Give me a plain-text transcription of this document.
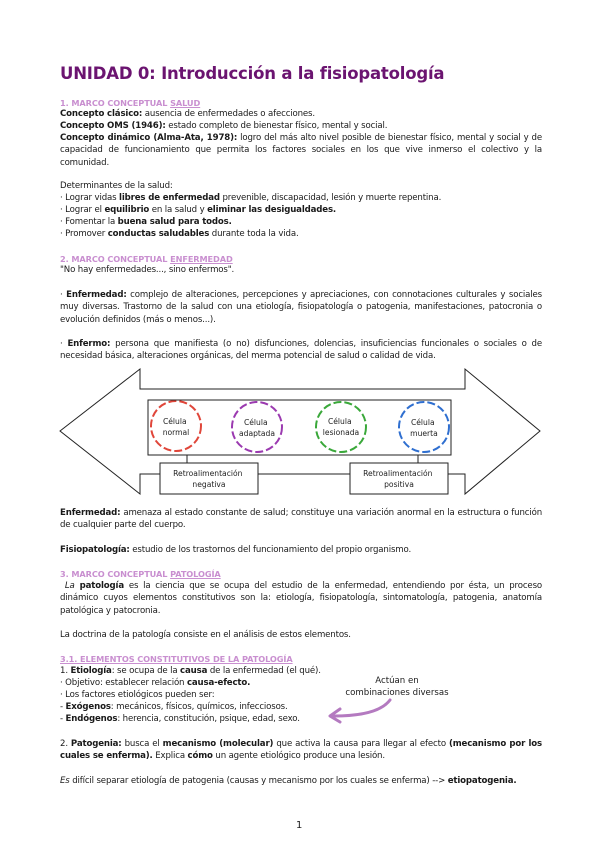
UNIDAD 0: Introducción a la fisiopatología
1. MARCO CONCEPTUAL SALUD
Concepto clásico: ausencia de enfermedades o afecciones.
Concepto OMS (1946): estado completo de bienestar físico, mental y social.
Concepto dinámico (Alma-Ata, 1978): logro del más alto nivel posible de bienestar físico, mental y social y de capacidad de funcionamiento que permita los factores sociales en los que vive inmerso el colectivo y la comunidad.
Determinantes de la salud:
· Lograr vidas libres de enfermedad prevenible, discapacidad, lesión y muerte repentina.
· Lograr el equilibrio en la salud y eliminar las desigualdades.
· Fomentar la buena salud para todos.
· Promover conductas saludables durante toda la vida.
2. MARCO CONCEPTUAL ENFERMEDAD
"No hay enfermedades..., sino enfermos".
· Enfermedad: complejo de alteraciones, percepciones y apreciaciones, con connotaciones culturales y sociales muy diversas. Trastorno de la salud con una etiología, fisiopatología o patogenia, manifestaciones, patocronia o evolución definidos (más o menos...).
· Enfermo: persona que manifiesta (o no) disfunciones, dolencias, insuficiencias funcionales o sociales o de necesidad básica, alteraciones orgánicas, del merma potencial de salud o calidad de vida.
Célula normal
Célula adaptada
Célula lesionada
Célula muerta
Retroalimentación negativa
Retroalimentación positiva
Enfermedad: amenaza al estado constante de salud; constituye una variación anormal en la estructura o función de cualquier parte del cuerpo.
Fisiopatología: estudio de los trastornos del funcionamiento del propio organismo.
3. MARCO CONCEPTUAL PATOLOGÍA
La patología es la ciencia que se ocupa del estudio de la enfermedad, entendiendo por ésta, un proceso dinámico cuyos elementos constitutivos son la: etiología, fisiopatología, sintomatología, patogenia, anatomía patológica y patocronia.
La doctrina de la patología consiste en el análisis de estos elementos.
3.1. ELEMENTOS CONSTITUTIVOS DE LA PATOLOGÍA
1. Etiología: se ocupa de la causa de la enfermedad (el qué).
· Objetivo: establecer relación causa-efecto.
· Los factores etiológicos pueden ser:
- Exógenos: mecánicos, físicos, químicos, infecciosos.
- Endógenos: herencia, constitución, psique, edad, sexo.
Actúan en combinaciones diversas
2. Patogenia: busca el mecanismo (molecular) que activa la causa para llegar al efecto (mecanismo por los cuales se enferma). Explica cómo un agente etiológico produce una lesión.
Es difícil separar etiología de patogenia (causas y mecanismo por los cuales se enferma) --> etiopatogenia.
1
